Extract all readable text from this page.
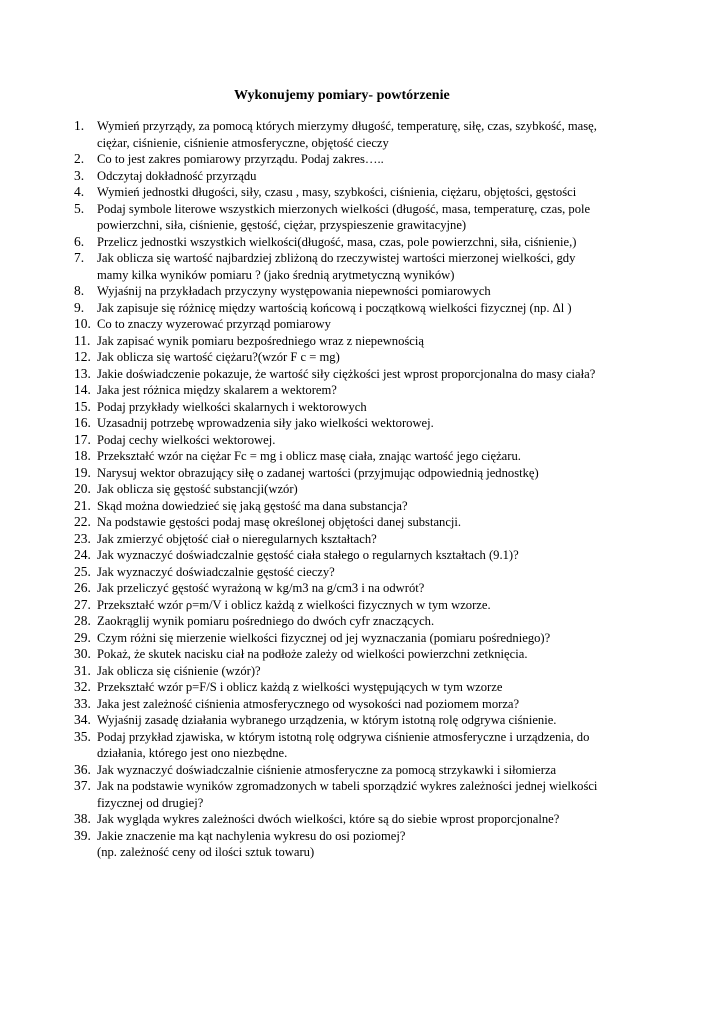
Wykonujemy pomiary- powtórzenie
1. Wymień przyrządy, za pomocą których mierzymy długość, temperaturę, siłę, czas, szybkość, masę,
ciężar, ciśnienie, ciśnienie atmosferyczne, objętość cieczy
2. Co to jest zakres pomiarowy przyrządu. Podaj zakres…..
3. Odczytaj dokładność przyrządu
4. Wymień jednostki długości, siły, czasu , masy, szybkości, ciśnienia, ciężaru, objętości, gęstości
5. Podaj symbole literowe wszystkich mierzonych wielkości (długość, masa, temperaturę, czas, pole
powierzchni, siła, ciśnienie, gęstość, ciężar, przyspieszenie grawitacyjne)
6. Przelicz jednostki wszystkich wielkości(długość, masa, czas, pole powierzchni, siła, ciśnienie,)
7. Jak oblicza się wartość najbardziej zbliżoną do rzeczywistej wartości mierzonej wielkości, gdy
mamy kilka wyników pomiaru ? (jako średnią arytmetyczną wyników)
8. Wyjaśnij na przykładach przyczyny występowania niepewności pomiarowych
9. Jak zapisuje się różnicę między wartością końcową i początkową wielkości fizycznej (np. Δl )
10. Co to znaczy wyzerować przyrząd pomiarowy
11. Jak zapisać wynik pomiaru bezpośredniego wraz z niepewnością
12. Jak oblicza się wartość ciężaru?(wzór F c = mg)
13. Jakie doświadczenie pokazuje, że wartość siły ciężkości jest wprost proporcjonalna do masy ciała?
14. Jaka jest różnica między skalarem a wektorem?
15. Podaj przykłady wielkości skalarnych i wektorowych
16. Uzasadnij potrzebę wprowadzenia siły jako wielkości wektorowej.
17. Podaj cechy wielkości wektorowej.
18. Przekształć wzór na ciężar Fc = mg i oblicz masę ciała, znając wartość jego ciężaru.
19. Narysuj wektor obrazujący siłę o zadanej wartości (przyjmując odpowiednią jednostkę)
20. Jak oblicza się gęstość substancji(wzór)
21. Skąd można dowiedzieć się jaką gęstość ma dana substancja?
22. Na podstawie gęstości podaj masę określonej objętości danej substancji.
23. Jak zmierzyć objętość ciał o nieregularnych kształtach?
24. Jak wyznaczyć doświadczalnie gęstość ciała stałego o regularnych kształtach (9.1)?
25. Jak wyznaczyć doświadczalnie gęstość cieczy?
26. Jak przeliczyć gęstość wyrażoną w kg/m3 na g/cm3 i na odwrót?
27. Przekształć wzór ρ=m/V i oblicz każdą z wielkości fizycznych w tym wzorze.
28. Zaokrąglij wynik pomiaru pośredniego do dwóch cyfr znaczących.
29. Czym różni się mierzenie wielkości fizycznej od jej wyznaczania (pomiaru pośredniego)?
30. Pokaż, że skutek nacisku ciał na podłoże zależy od wielkości powierzchni zetknięcia.
31. Jak oblicza się ciśnienie (wzór)?
32. Przekształć wzór p=F/S i oblicz każdą z wielkości występujących w tym wzorze
33. Jaka jest zależność ciśnienia atmosferycznego od wysokości nad poziomem morza?
34. Wyjaśnij zasadę działania wybranego urządzenia, w którym istotną rolę odgrywa ciśnienie.
35. Podaj przykład zjawiska, w którym istotną rolę odgrywa ciśnienie atmosferyczne i urządzenia, do
działania, którego jest ono niezbędne.
36. Jak wyznaczyć doświadczalnie ciśnienie atmosferyczne za pomocą strzykawki i siłomierza
37. Jak na podstawie wyników zgromadzonych w tabeli sporządzić wykres zależności jednej wielkości
fizycznej od drugiej?
38. Jak wygląda wykres zależności dwóch wielkości, które są do siebie wprost proporcjonalne?
39. Jakie znaczenie ma kąt nachylenia wykresu do osi poziomej?
(np. zależność ceny od ilości sztuk towaru)
